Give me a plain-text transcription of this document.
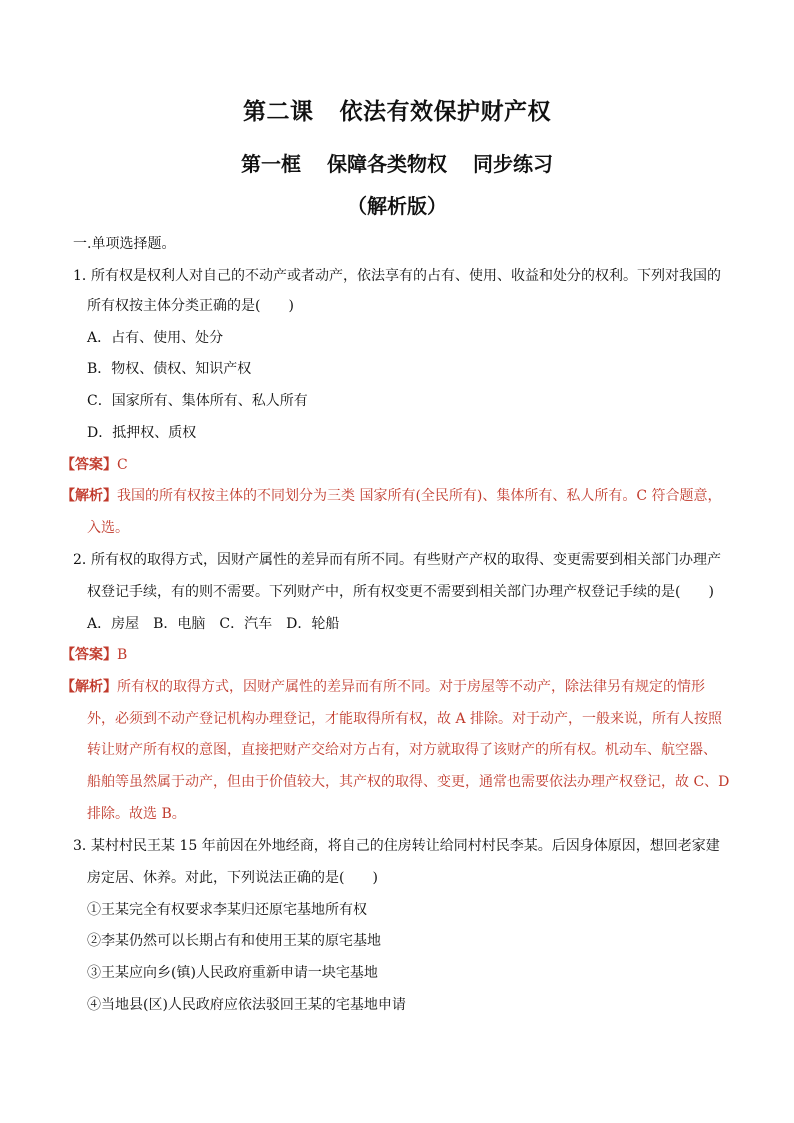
第二课 依法有效保护财产权
第一框 保障各类物权 同步练习
（解析版）
一.单项选择题。
1．所有权是权利人对自己的不动产或者动产，依法享有的占有、使用、收益和处分的权利。下列对我国的
所有权按主体分类正确的是(　　)
A．占有、使用、处分
B．物权、债权、知识产权
C．国家所有、集体所有、私人所有
D．抵押权、质权
【答案】C
【解析】我国的所有权按主体的不同划分为三类 国家所有(全民所有)、集体所有、私人所有。C 符合题意，
入选。
2．所有权的取得方式，因财产属性的差异而有所不同。有些财产产权的取得、变更需要到相关部门办理产
权登记手续，有的则不需要。下列财产中，所有权变更不需要到相关部门办理产权登记手续的是(　　)
A．房屋　B．电脑　C．汽车　D．轮船
【答案】B
【解析】所有权的取得方式，因财产属性的差异而有所不同。对于房屋等不动产，除法律另有规定的情形
外，必须到不动产登记机构办理登记，才能取得所有权，故 A 排除。对于动产，一般来说，所有人按照
转让财产所有权的意图，直接把财产交给对方占有，对方就取得了该财产的所有权。机动车、航空器、
船舶等虽然属于动产，但由于价值较大，其产权的取得、变更，通常也需要依法办理产权登记，故 C、D
排除。故选 B。
3．某村村民王某 15 年前因在外地经商，将自己的住房转让给同村村民李某。后因身体原因，想回老家建
房定居、休养。对此，下列说法正确的是(　　)
①王某完全有权要求李某归还原宅基地所有权
②李某仍然可以长期占有和使用王某的原宅基地
③王某应向乡(镇)人民政府重新申请一块宅基地
④当地县(区)人民政府应依法驳回王某的宅基地申请
